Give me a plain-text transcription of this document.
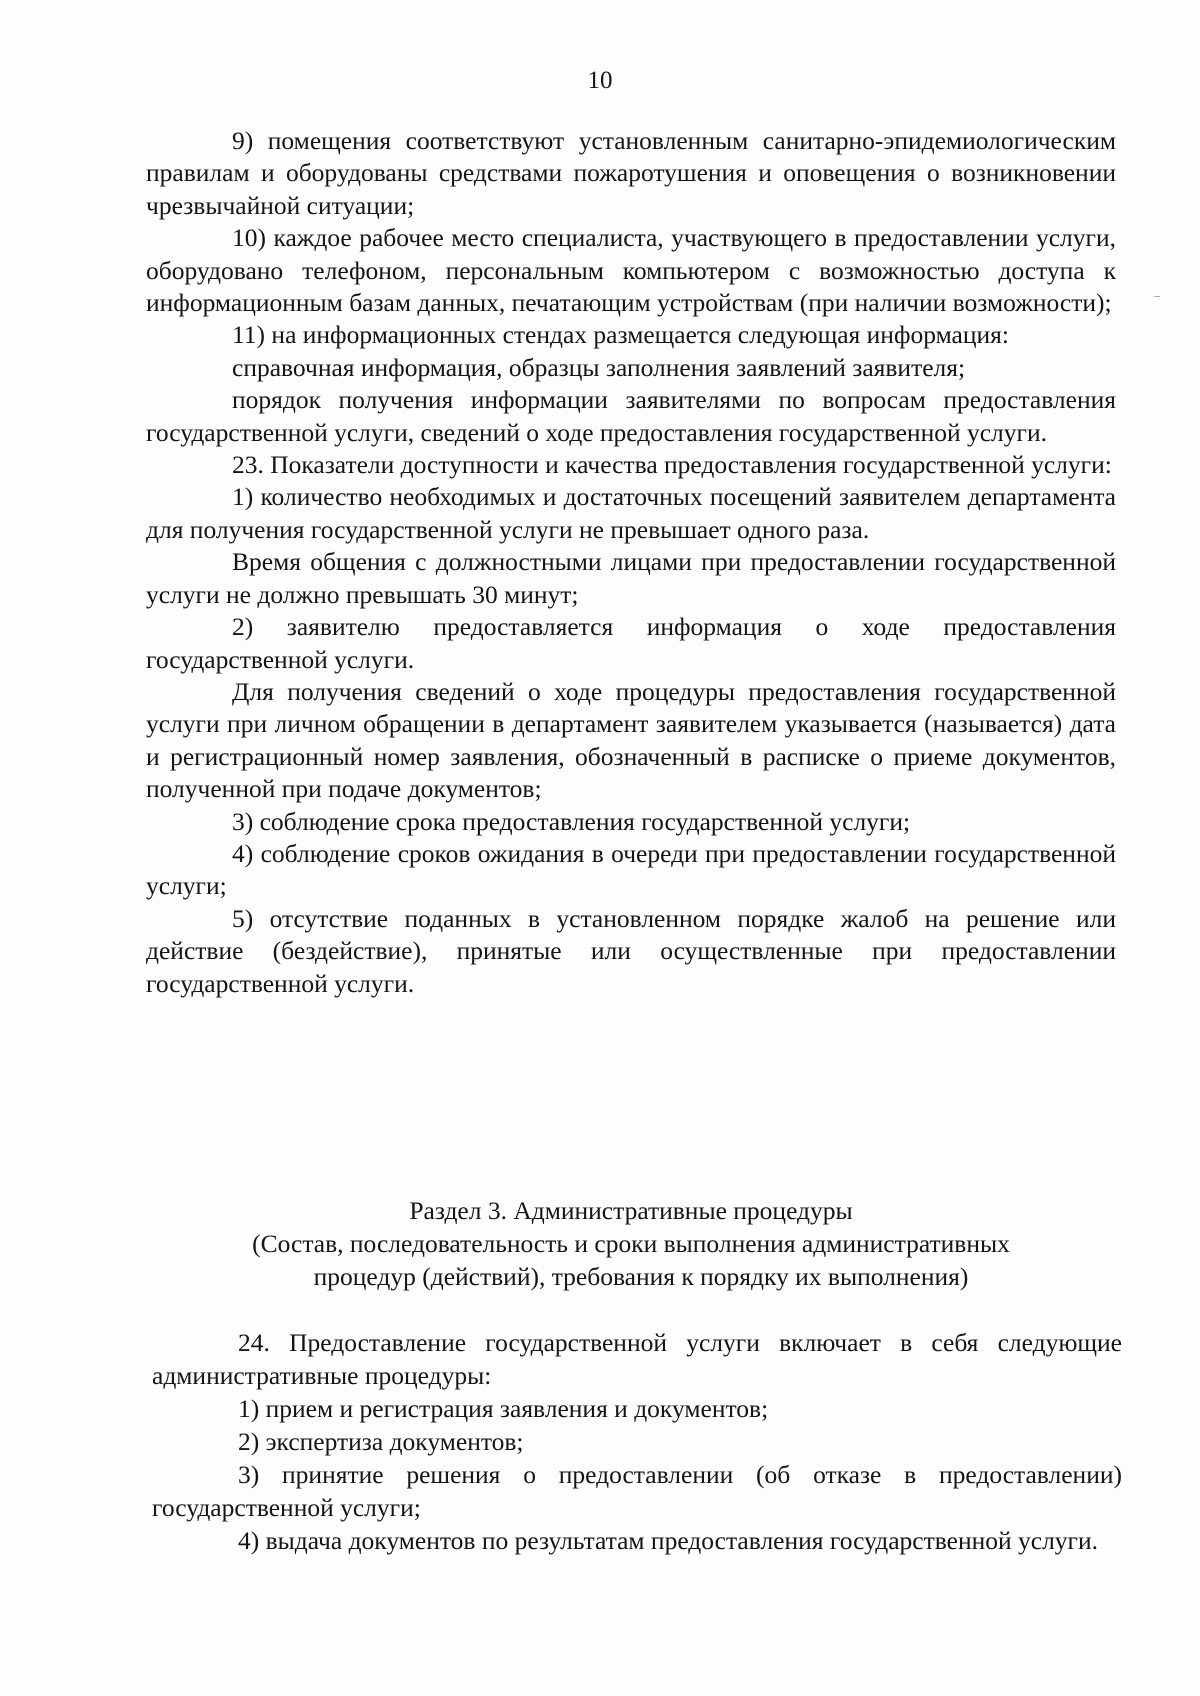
10

9) помещения соответствуют установленным санитарно-эпидемиологическим правилам и оборудованы средствами пожаротушения и оповещения о возникновении чрезвычайной ситуации;

10) каждое рабочее место специалиста, участвующего в предоставлении услуги, оборудовано телефоном, персональным компьютером с возможностью доступа к информационным базам данных, печатающим устройствам (при наличии возможности);

11) на информационных стендах размещается следующая информация:

справочная информация, образцы заполнения заявлений заявителя;

порядок получения информации заявителями по вопросам предоставления государственной услуги, сведений о ходе предоставления государственной услуги.

23. Показатели доступности и качества предоставления государственной услуги:

1) количество необходимых и достаточных посещений заявителем департамента для получения государственной услуги не превышает одного раза.

Время общения с должностными лицами при предоставлении государственной услуги не должно превышать 30 минут;

2) заявителю предоставляется информация о ходе предоставления государственной услуги.

Для получения сведений о ходе процедуры предоставления государственной услуги при личном обращении в департамент заявителем указывается (называется) дата и регистрационный номер заявления, обозначенный в расписке о приеме документов, полученной при подаче документов;

3) соблюдение срока предоставления государственной услуги;

4) соблюдение сроков ожидания в очереди при предоставлении государственной услуги;

5) отсутствие поданных в установленном порядке жалоб на решение или действие (бездействие), принятые или осуществленные при предоставлении государственной услуги.

Раздел 3. Административные процедуры
(Состав, последовательность и сроки выполнения административных
процедур (действий), требования к порядку их выполнения)

24. Предоставление государственной услуги включает в себя следующие административные процедуры:

1) прием и регистрация заявления и документов;

2) экспертиза документов;

3) принятие решения о предоставлении (об отказе в предоставлении) государственной услуги;

4) выдача документов по результатам предоставления государственной услуги.
